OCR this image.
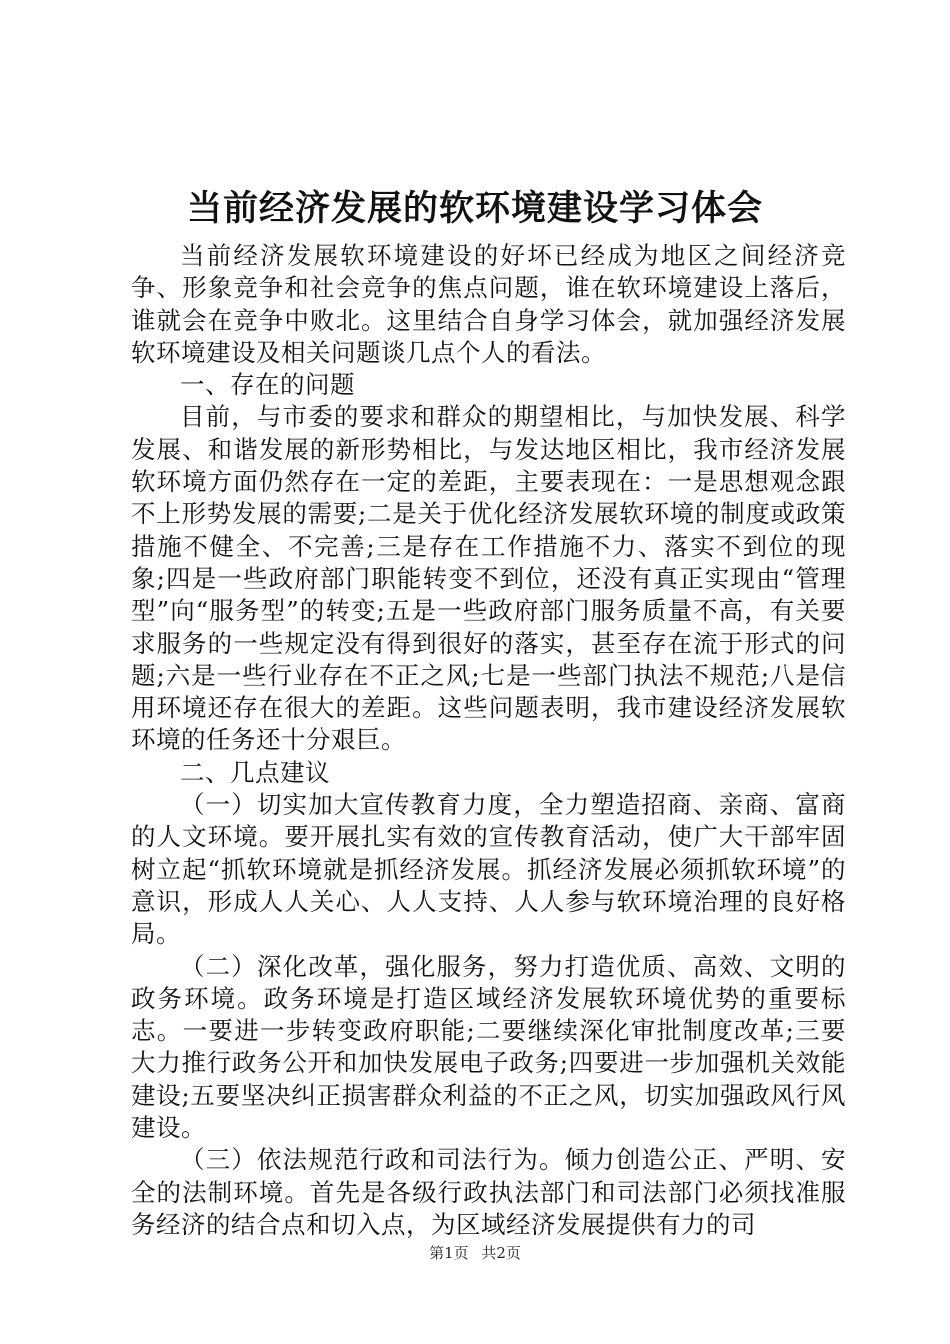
当前经济发展的软环境建设学习体会

当前经济发展软环境建设的好坏已经成为地区之间经济竞争、形象竞争和社会竞争的焦点问题，谁在软环境建设上落后，谁就会在竞争中败北。这里结合自身学习体会，就加强经济发展软环境建设及相关问题谈几点个人的看法。

一、存在的问题

目前，与市委的要求和群众的期望相比，与加快发展、科学发展、和谐发展的新形势相比，与发达地区相比，我市经济发展软环境方面仍然存在一定的差距，主要表现在：一是思想观念跟不上形势发展的需要;二是关于优化经济发展软环境的制度或政策措施不健全、不完善;三是存在工作措施不力、落实不到位的现象;四是一些政府部门职能转变不到位，还没有真正实现由“管理型”向“服务型”的转变;五是一些政府部门服务质量不高，有关要求服务的一些规定没有得到很好的落实，甚至存在流于形式的问题;六是一些行业存在不正之风;七是一些部门执法不规范;八是信用环境还存在很大的差距。这些问题表明，我市建设经济发展软环境的任务还十分艰巨。

二、几点建议

（一）切实加大宣传教育力度，全力塑造招商、亲商、富商的人文环境。要开展扎实有效的宣传教育活动，使广大干部牢固树立起“抓软环境就是抓经济发展。抓经济发展必须抓软环境”的意识，形成人人关心、人人支持、人人参与软环境治理的良好格局。

（二）深化改革，强化服务，努力打造优质、高效、文明的政务环境。政务环境是打造区域经济发展软环境优势的重要标志。一要进一步转变政府职能;二要继续深化审批制度改革;三要大力推行政务公开和加快发展电子政务;四要进一步加强机关效能建设;五要坚决纠正损害群众利益的不正之风，切实加强政风行风建设。

（三）依法规范行政和司法行为。倾力创造公正、严明、安全的法制环境。首先是各级行政执法部门和司法部门必须找准服务经济的结合点和切入点，为区域经济发展提供有力的司

第1页 共2页
